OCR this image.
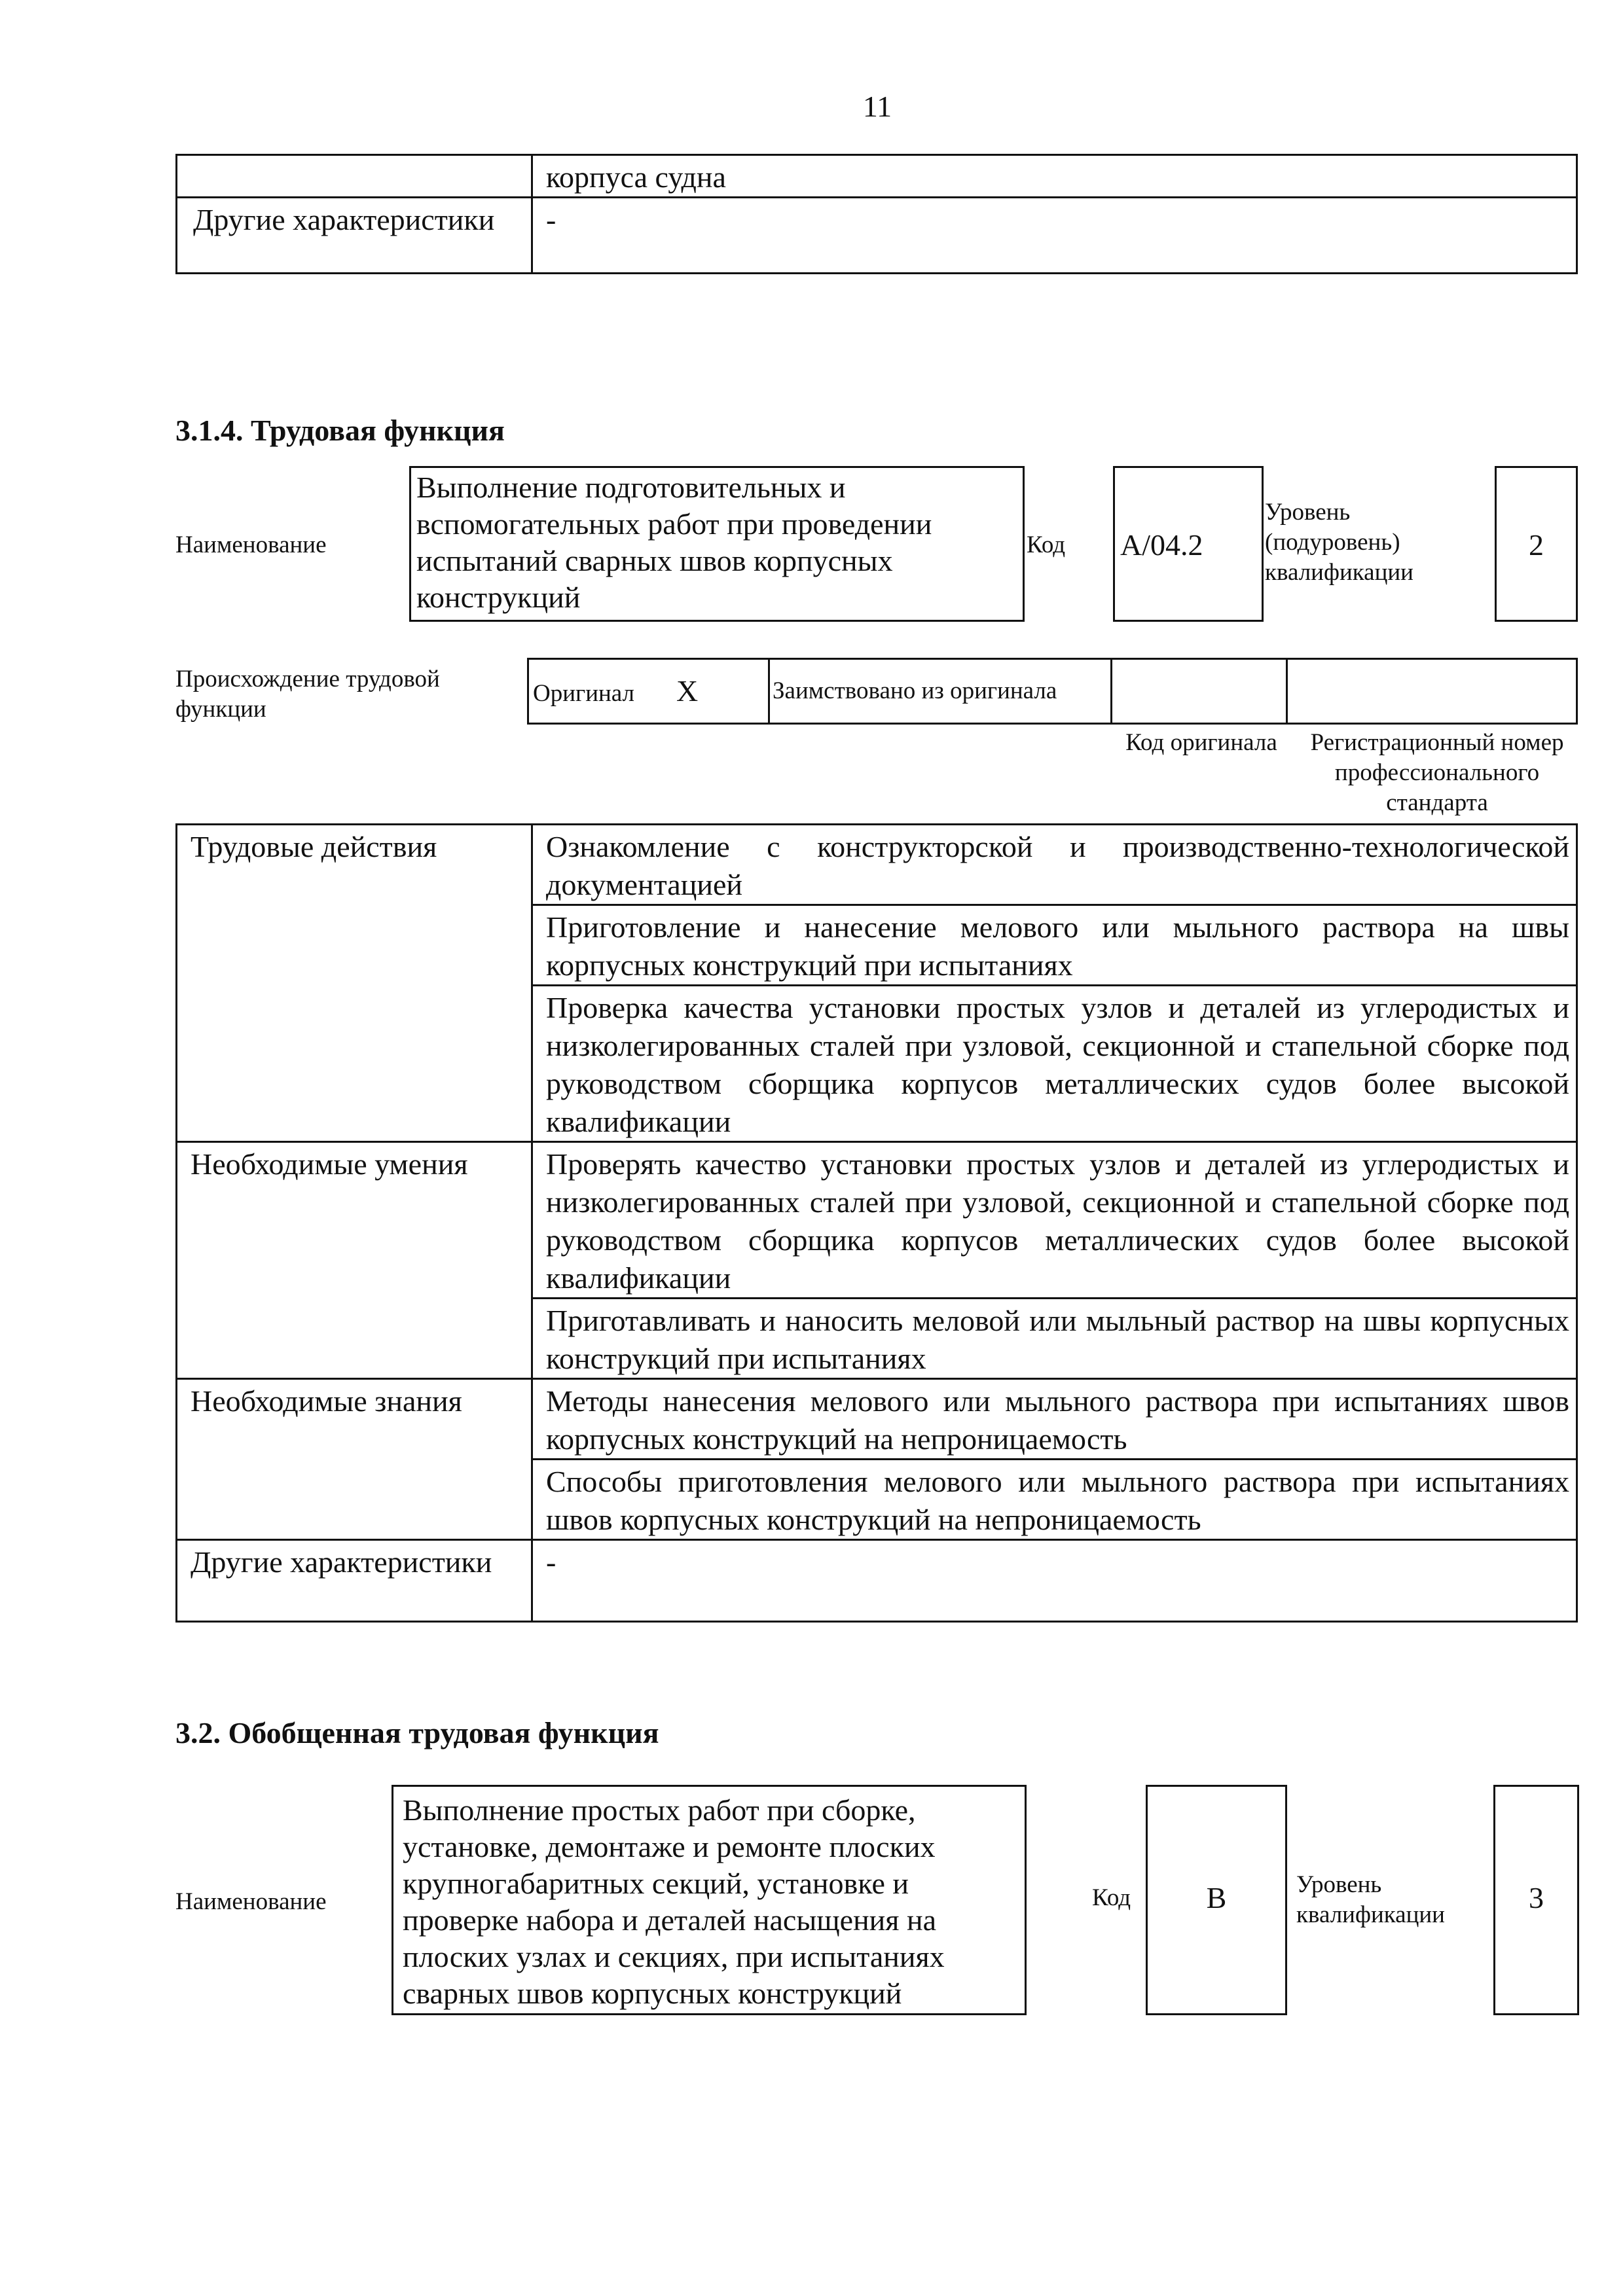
11

	корпуса судна

Другие характеристики	-
3.1.4. Трудовая функция
Наименование
Выполнение подготовительных и вспомогательных работ при проведении испытаний сварных швов корпусных конструкций
Код	A/04.2
Уровень (подуровень) квалификации
2
Происхождение трудовой функции
Оригинал X	Заимствовано из оригинала

Код оригинала	Регистрационный номер профессионального стандарта
Трудовые действия	Ознакомление с конструкторской и производственно-технологической документацией

	Приготовление и нанесение мелового или мыльного раствора на швы корпусных конструкций при испытаниях

	Проверка качества установки простых узлов и деталей из углеродистых и низколегированных сталей при узловой, секционной и стапельной сборке под руководством сборщика корпусов металлических судов более высокой квалификации

Необходимые умения	Проверять качество установки простых узлов и деталей из углеродистых и низколегированных сталей при узловой, секционной и стапельной сборке под руководством сборщика корпусов металлических судов более высокой квалификации

	Приготавливать и наносить меловой или мыльный раствор на швы корпусных конструкций при испытаниях

Необходимые знания	Методы нанесения мелового или мыльного раствора при испытаниях швов корпусных конструкций на непроницаемость

	Способы приготовления мелового или мыльного раствора при испытаниях швов корпусных конструкций на непроницаемость

Другие характеристики	-
3.2. Обобщенная трудовая функция
Наименование
Выполнение простых работ при сборке, установке, демонтаже и ремонте плоских крупногабаритных секций, установке и проверке набора и деталей насыщения на плоских узлах и секциях, при испытаниях сварных швов корпусных конструкций
Код	B	Уровень квалификации
3
